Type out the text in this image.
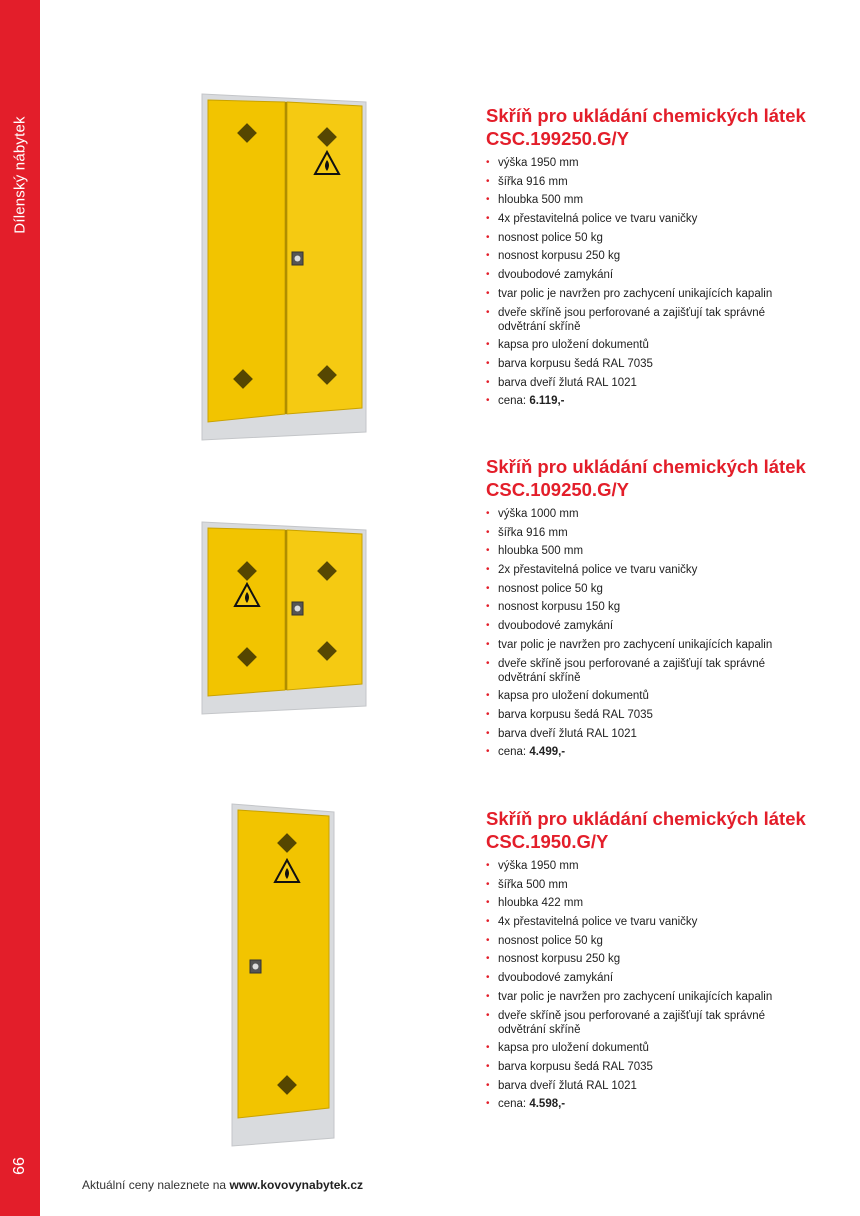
Dílenský nábytek
66
Skříň pro ukládání chemických látek
CSC.199250.G/Y
• výška 1950 mm
• šířka 916 mm
• hloubka 500 mm
• 4x přestavitelná police ve tvaru vaničky
• nosnost police 50 kg
• nosnost korpusu 250 kg
• dvoubodové zamykání
• tvar polic je navržen pro zachycení unikajících kapalin
• dveře skříně jsou perforované a zajišťují tak správné odvětrání skříně
• kapsa pro uložení dokumentů
• barva korpusu šedá RAL 7035
• barva dveří žlutá RAL 1021
• cena: 6.119,-
Skříň pro ukládání chemických látek
CSC.109250.G/Y
• výška 1000 mm
• šířka 916 mm
• hloubka 500 mm
• 2x přestavitelná police ve tvaru vaničky
• nosnost police 50 kg
• nosnost korpusu 150 kg
• dvoubodové zamykání
• tvar polic je navržen pro zachycení unikajících kapalin
• dveře skříně jsou perforované a zajišťují tak správné odvětrání skříně
• kapsa pro uložení dokumentů
• barva korpusu šedá RAL 7035
• barva dveří žlutá RAL 1021
• cena: 4.499,-
Skříň pro ukládání chemických látek
CSC.1950.G/Y
• výška 1950 mm
• šířka 500 mm
• hloubka 422 mm
• 4x přestavitelná police ve tvaru vaničky
• nosnost police 50 kg
• nosnost korpusu 250 kg
• dvoubodové zamykání
• tvar polic je navržen pro zachycení unikajících kapalin
• dveře skříně jsou perforované a zajišťují tak správné odvětrání skříně
• kapsa pro uložení dokumentů
• barva korpusu šedá RAL 7035
• barva dveří žlutá RAL 1021
• cena: 4.598,-
Aktuální ceny naleznete na www.kovovynabytek.cz
